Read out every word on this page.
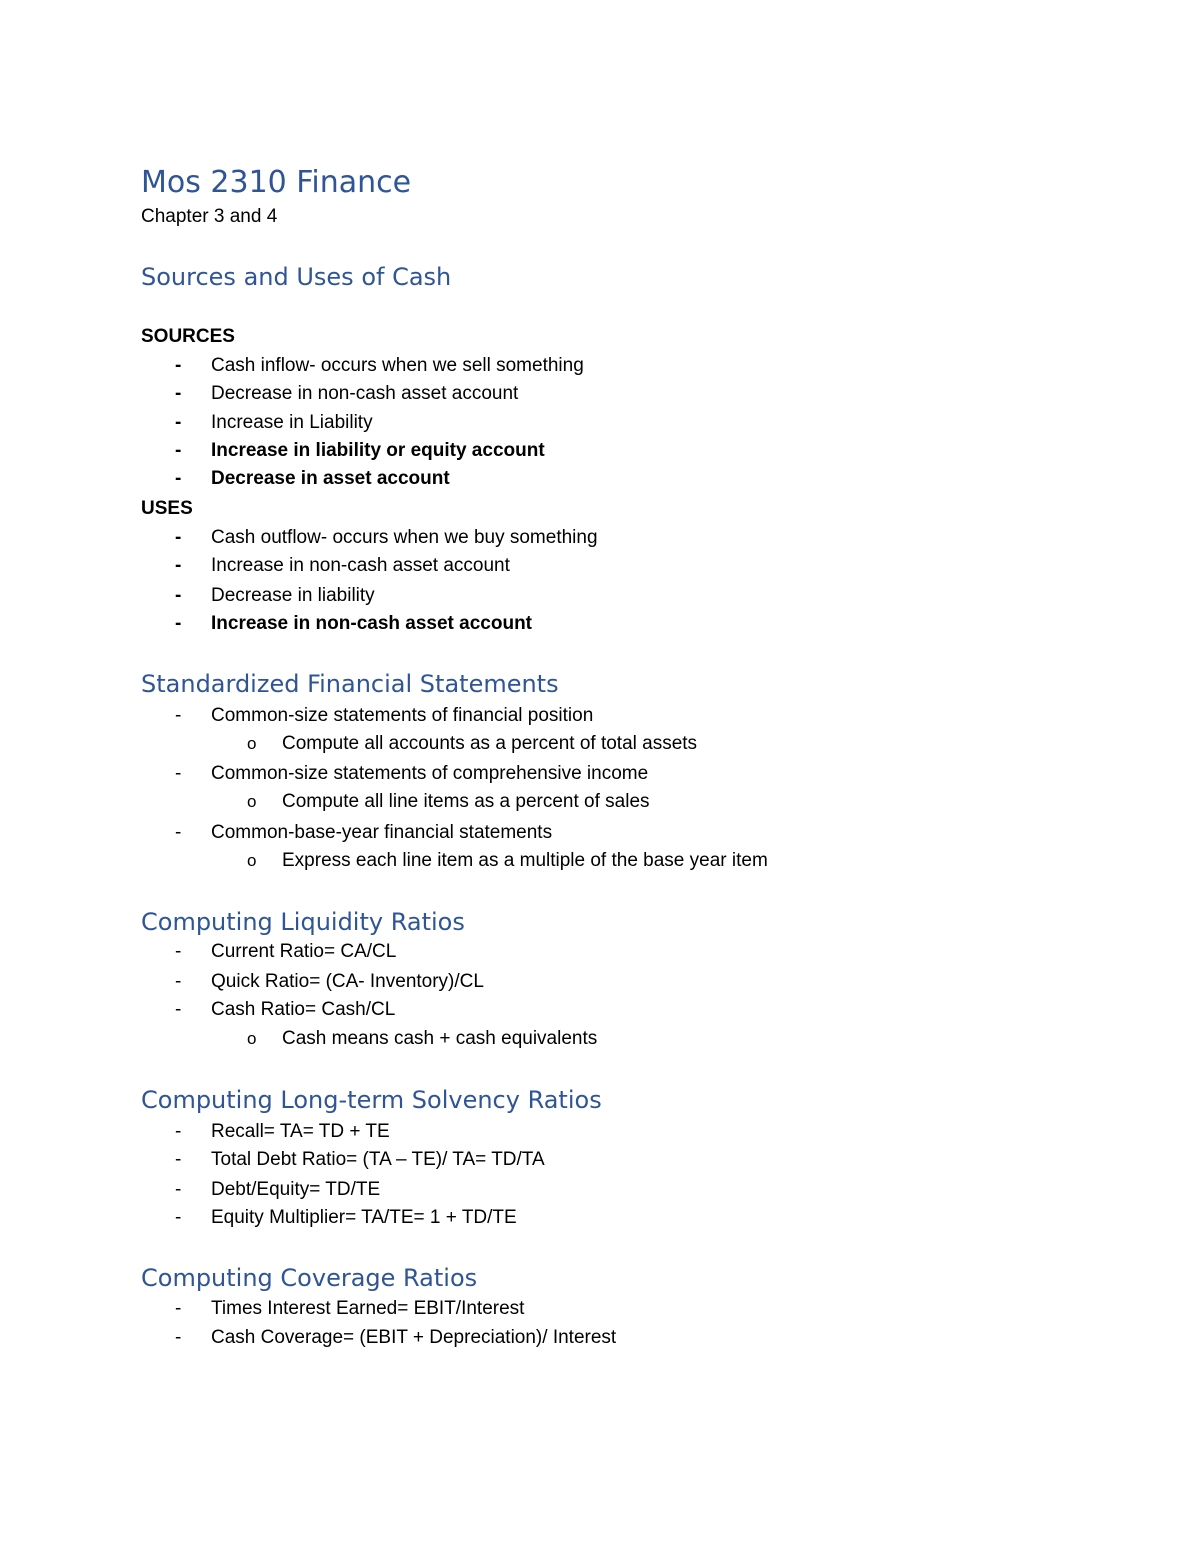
Mos 2310 Finance
Chapter 3 and 4
Sources and Uses of Cash
SOURCES
-	Cash inflow- occurs when we sell something
-	Decrease in non-cash asset account
-	Increase in Liability
-	Increase in liability or equity account
-	Decrease in asset account
USES
-	Cash outflow- occurs when we buy something
-	Increase in non-cash asset account
-	Decrease in liability
-	Increase in non-cash asset account
Standardized Financial Statements
-	Common-size statements of financial position
o Compute all accounts as a percent of total assets
-	Common-size statements of comprehensive income
o Compute all line items as a percent of sales
-	Common-base-year financial statements
o Express each line item as a multiple of the base year item
Computing Liquidity Ratios
-	Current Ratio= CA/CL
-	Quick Ratio= (CA- Inventory)/CL
-	Cash Ratio= Cash/CL
o Cash means cash + cash equivalents
Computing Long-term Solvency Ratios
-	Recall= TA= TD + TE
-	Total Debt Ratio= (TA – TE)/ TA= TD/TA
-	Debt/Equity= TD/TE
-	Equity Multiplier= TA/TE= 1 + TD/TE
Computing Coverage Ratios
-	Times Interest Earned= EBIT/Interest
-	Cash Coverage= (EBIT + Depreciation)/ Interest
